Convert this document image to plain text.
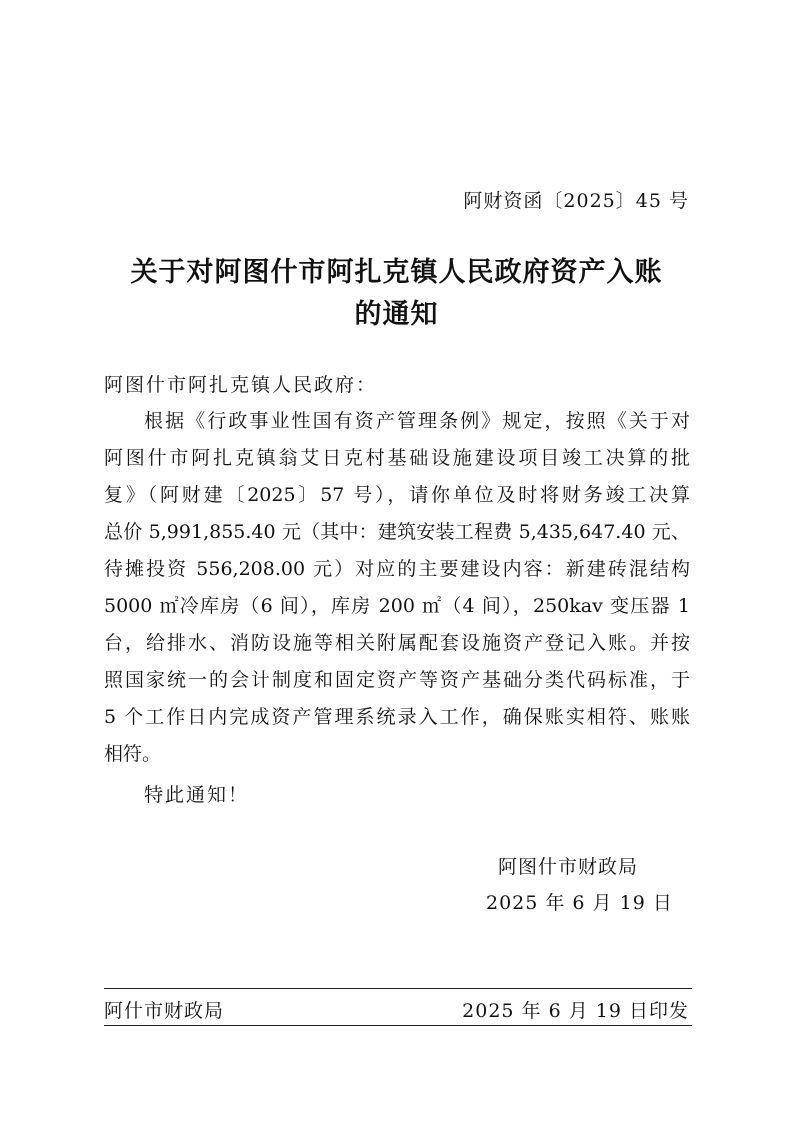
阿财资函〔2025〕45 号
关于对阿图什市阿扎克镇人民政府资产入账
的通知
阿图什市阿扎克镇人民政府：
根据《行政事业性国有资产管理条例》规定，按照《关于对
阿图什市阿扎克镇翁艾日克村基础设施建设项目竣工决算的批
复》（阿财建〔2025〕57 号），请你单位及时将财务竣工决算
总价 5,991,855.40 元（其中：建筑安装工程费 5,435,647.40 元、
待摊投资 556,208.00 元）对应的主要建设内容：新建砖混结构
5000 ㎡冷库房（6 间），库房 200 ㎡（4 间），250kav 变压器 1
台，给排水、消防设施等相关附属配套设施资产登记入账。并按
照国家统一的会计制度和固定资产等资产基础分类代码标准，于
5 个工作日内完成资产管理系统录入工作，确保账实相符、账账
相符。
特此通知！
阿图什市财政局
2025 年 6 月 19 日
阿什市财政局	2025 年 6 月 19 日印发
